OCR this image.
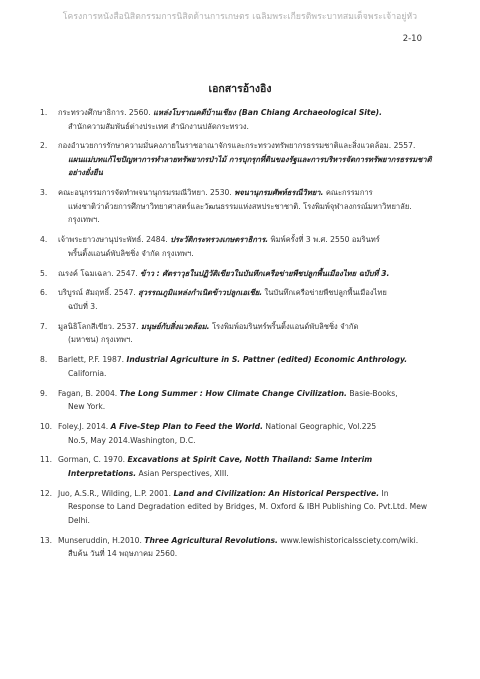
โครงการหนังสือนิสิตกรรมการนิสิตด้านการเกษตร เฉลิมพระเกียรติพระบาทสมเด็จพระเจ้าอยู่หัว
2-10
เอกสารอ้างอิง
1. กระทรวงศึกษาธิการ. 2560. แหล่งโบราณคดีบ้านเชียง (Ban Chiang Archaeological Site).
สำนักความสัมพันธ์ต่างประเทศ สำนักงานปลัดกระทรวง.
2. กองอำนวยการรักษาความมั่นคงภายในราชอาณาจักรและกระทรวงทรัพยากรธรรมชาติและสิ่งแวดล้อม. 2557.
แผนแม่บทแก้ไขปัญหาการทำลายทรัพยากรป่าไม้ การบุกรุกที่ดินของรัฐและการบริหารจัดการทรัพยากรธรรมชาติอย่างยั่งยืน
3. คณะอนุกรรมการจัดทำพจนานุกรมรมณีวิทยา. 2530. พจนานุกรมศัพท์ธรณีวิทยา. คณะกรรมการ
แห่งชาติว่าด้วยการศึกษาวิทยาศาสตร์และวัฒนธรรมแห่งสหประชาชาติ. โรงพิมพ์จุฬาลงกรณ์มหาวิทยาลัย. กรุงเทพฯ.
4. เจ้าพระยาวงษานุประพัทธ์. 2484. ประวัติกระทรวงเกษตราธิการ. พิมพ์ครั้งที่ 3 พ.ศ. 2550 อมรินทร์
พริ้นติ้งแอนด์พับลิชชิ่ง จำกัด กรุงเทพฯ.
5. ณรงค์ โฉมเฉลา. 2547. ข้าว : ศัตราวุธในปฏิวัติเขียวในบันทึกเครือข่ายพืชปลูกพื้นเมืองไทย ฉบับที่ 3.
6. บริบูรณ์ สัมฤทธิ์. 2547. สุวรรณภูมิแหล่งกำเนิดข้าวปลูกเอเชีย. ในบันทึกเครือข่ายพืชปลูกพื้นเมืองไทย
ฉบับที่ 3.
7. มูลนิธิโลกสีเขียว. 2537. มนุษย์กับสิ่งแวดล้อม. โรงพิมพ์อมรินทร์พริ้นติ้งแอนด์พับลิชชิ่ง จำกัด
(มหาชน) กรุงเทพฯ.
8. Barlett, P.F. 1987. Industrial Agriculture in S. Pattner (edited) Economic Anthrology.
California.
9. Fagan, B. 2004. The Long Summer : How Climate Change Civilization. Basie-Books,
New York.
10. Foley.J. 2014. A Five-Step Plan to Feed the World. National Geographic, Vol.225
No.5, May 2014.Washington, D.C.
11. Gorman, C. 1970. Excavations at Spirit Cave, Notth Thailand: Same Interim
Interpretations. Asian Perspectives, XIII.
12. Juo, A.S.R., Wilding, L.P. 2001. Land and Civilization: An Historical Perspective. In
Response to Land Degradation edited by Bridges, M. Oxford & IBH Publishing Co. Pvt.Ltd. Mew Delhi.
13. Munseruddin, H.2010. Three Agricultural Revolutions. www.lewishistoricalssciety.com/wiki.
สืบค้น วันที่ 14 พฤษภาคม 2560.
